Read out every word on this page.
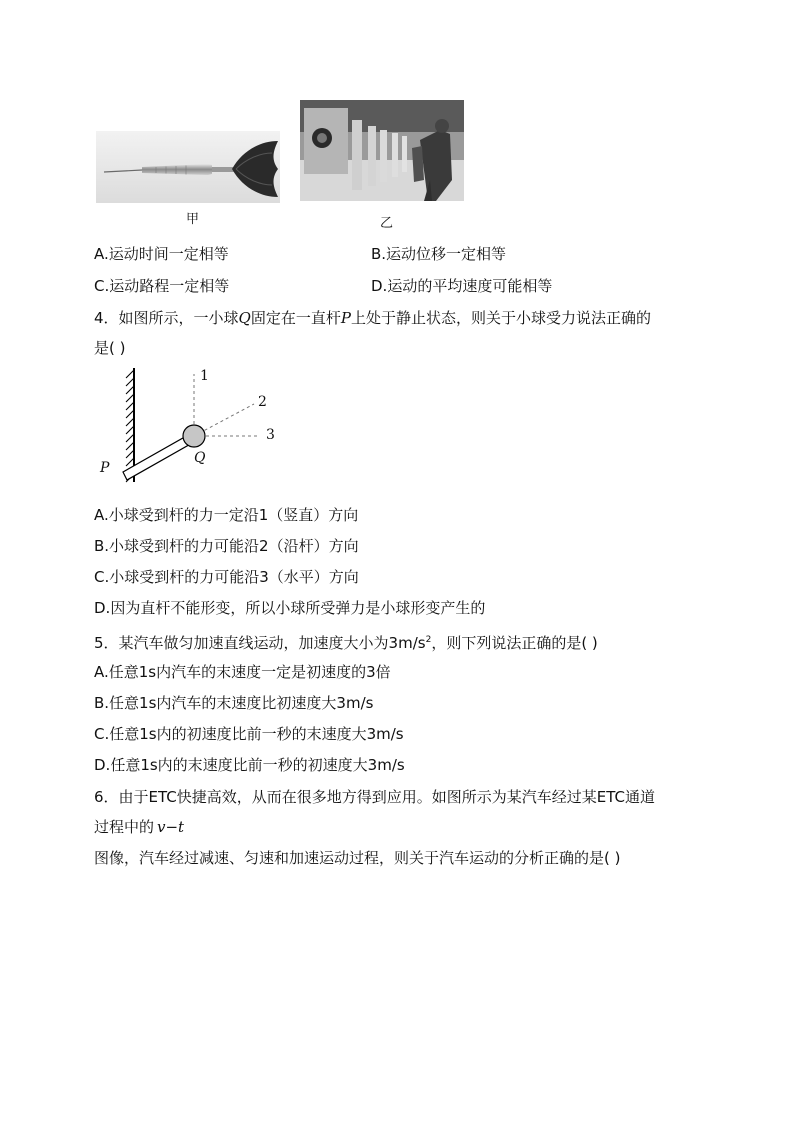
甲	乙
A.运动时间一定相等	B.运动位移一定相等
C.运动路程一定相等	D.运动的平均速度可能相等
4．如图所示，一小球Q固定在一直杆P上处于静止状态，则关于小球受力说法正确的
是( )
1
2
3
P
Q
A.小球受到杆的力一定沿1（竖直）方向
B.小球受到杆的力可能沿2（沿杆）方向
C.小球受到杆的力可能沿3（水平）方向
D.因为直杆不能形变，所以小球所受弹力是小球形变产生的
5．某汽车做匀加速直线运动，加速度大小为$3m/s^2$，则下列说法正确的是( )
A.任意1s内汽车的末速度一定是初速度的3倍
B.任意1s内汽车的末速度比初速度大3m/s
C.任意1s内的初速度比前一秒的末速度大3m/s
D.任意1s内的末速度比前一秒的初速度大3m/s
6．由于ETC快捷高效，从而在很多地方得到应用。如图所示为某汽车经过某ETC通道
过程中的 v−t
图像，汽车经过减速、匀速和加速运动过程，则关于汽车运动的分析正确的是( )
